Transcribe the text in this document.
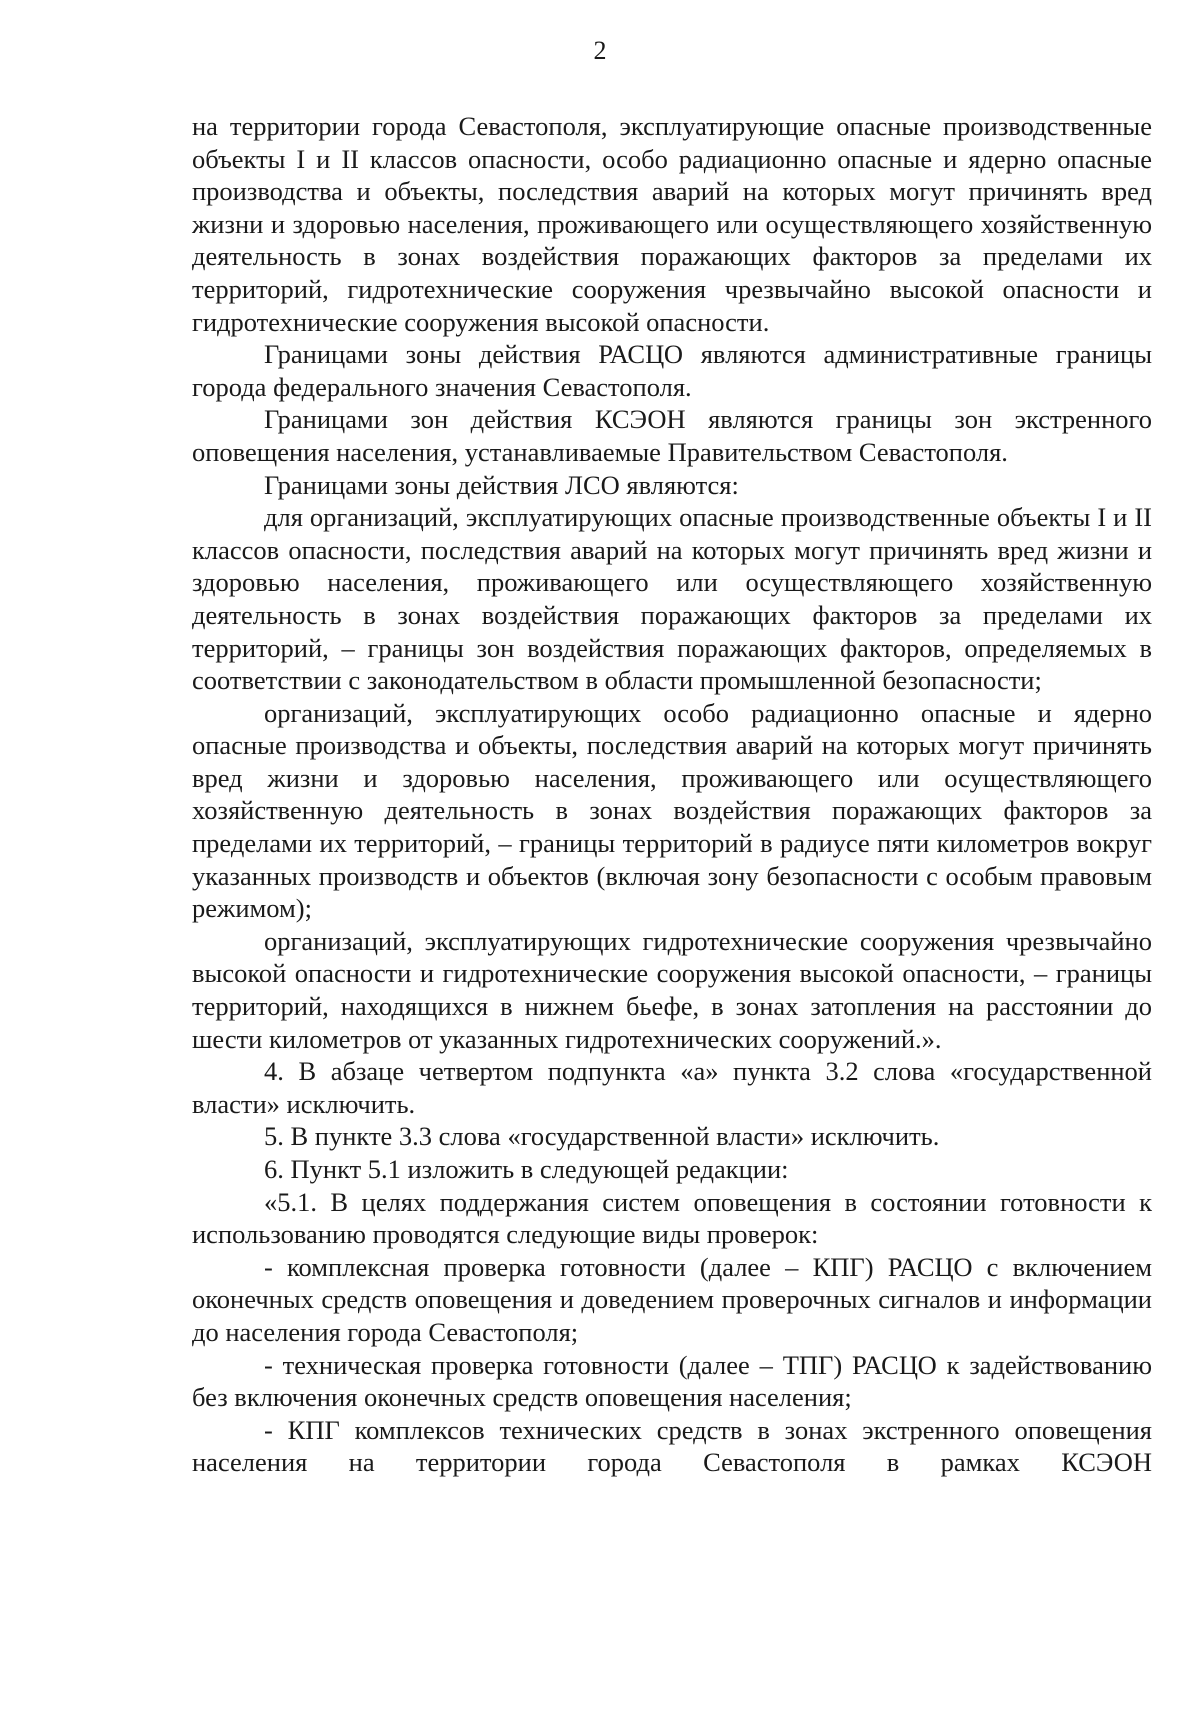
2

на территории города Севастополя, эксплуатирующие опасные производственные объекты I и II классов опасности, особо радиационно опасные и ядерно опасные производства и объекты, последствия аварий на которых могут причинять вред жизни и здоровью населения, проживающего или осуществляющего хозяйственную деятельность в зонах воздействия поражающих факторов за пределами их территорий, гидротехнические сооружения чрезвычайно высокой опасности и гидротехнические сооружения высокой опасности.

Границами зоны действия РАСЦО являются административные границы города федерального значения Севастополя.

Границами зон действия КСЭОН являются границы зон экстренного оповещения населения, устанавливаемые Правительством Севастополя.

Границами зоны действия ЛСО являются:

для организаций, эксплуатирующих опасные производственные объекты I и II классов опасности, последствия аварий на которых могут причинять вред жизни и здоровью населения, проживающего или осуществляющего хозяйственную деятельность в зонах воздействия поражающих факторов за пределами их территорий, – границы зон воздействия поражающих факторов, определяемых в соответствии с законодательством в области промышленной безопасности;

организаций, эксплуатирующих особо радиационно опасные и ядерно опасные производства и объекты, последствия аварий на которых могут причинять вред жизни и здоровью населения, проживающего или осуществляющего хозяйственную деятельность в зонах воздействия поражающих факторов за пределами их территорий, – границы территорий в радиусе пяти километров вокруг указанных производств и объектов (включая зону безопасности с особым правовым режимом);

организаций, эксплуатирующих гидротехнические сооружения чрезвычайно высокой опасности и гидротехнические сооружения высокой опасности, – границы территорий, находящихся в нижнем бьефе, в зонах затопления на расстоянии до шести километров от указанных гидротехнических сооружений.».

4. В абзаце четвертом подпункта «а» пункта 3.2 слова «государственной власти» исключить.

5. В пункте 3.3 слова «государственной власти» исключить.

6. Пункт 5.1 изложить в следующей редакции:

«5.1. В целях поддержания систем оповещения в состоянии готовности к использованию проводятся следующие виды проверок:

- комплексная проверка готовности (далее – КПГ) РАСЦО с включением оконечных средств оповещения и доведением проверочных сигналов и информации до населения города Севастополя;

- техническая проверка готовности (далее – ТПГ) РАСЦО к задействованию без включения оконечных средств оповещения населения;

- КПГ комплексов технических средств в зонах экстренного оповещения населения на территории города Севастополя в рамках КСЭОН
